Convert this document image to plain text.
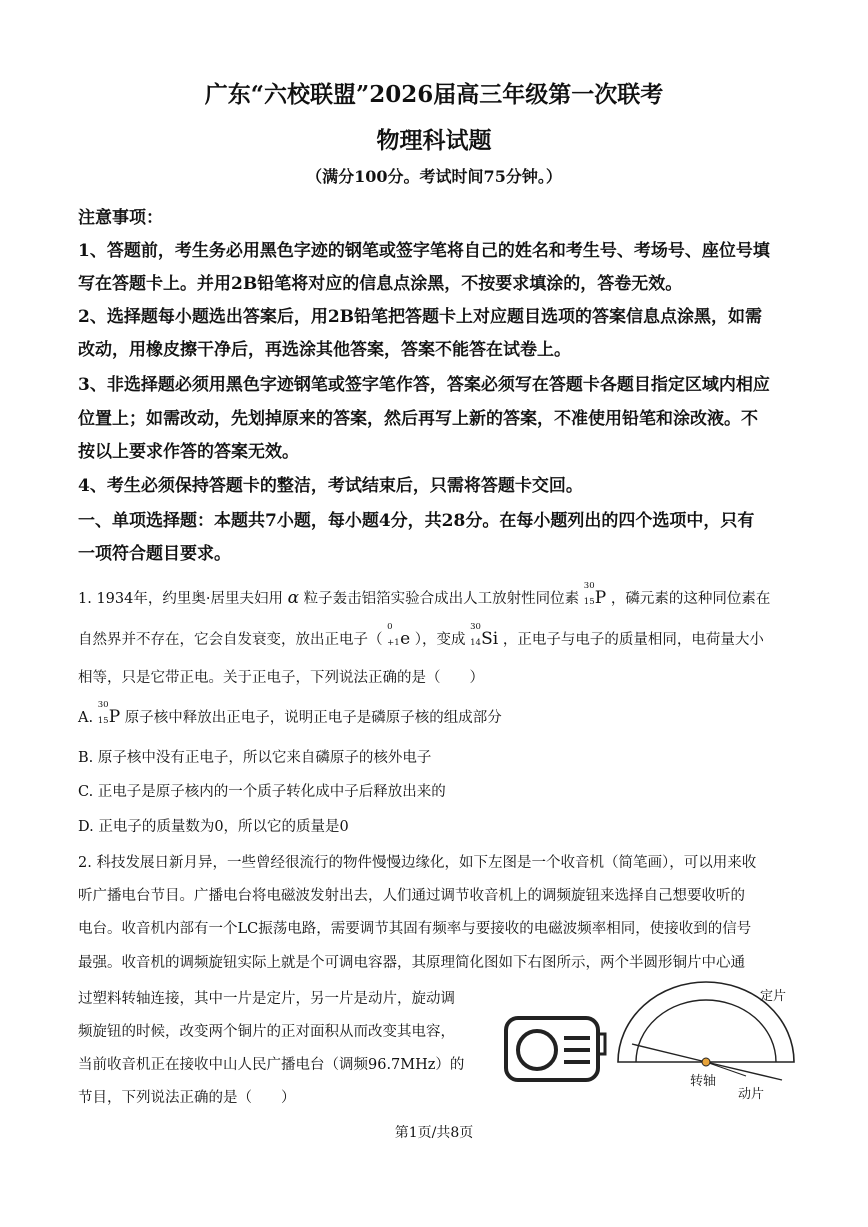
广东“六校联盟”2026届高三年级第一次联考
物理科试题
（满分100分。考试时间75分钟。）
注意事项：
1、答题前，考生务必用黑色字迹的钢笔或签字笔将自己的姓名和考生号、考场号、座位号填
写在答题卡上。并用2B铅笔将对应的信息点涂黑，不按要求填涂的，答卷无效。
2、选择题每小题选出答案后，用2B铅笔把答题卡上对应题目选项的答案信息点涂黑，如需
改动，用橡皮擦干净后，再选涂其他答案，答案不能答在试卷上。
3、非选择题必须用黑色字迹钢笔或签字笔作答，答案必须写在答题卡各题目指定区域内相应
位置上；如需改动，先划掉原来的答案，然后再写上新的答案，不准使用铅笔和涂改液。不
按以上要求作答的答案无效。
4、考生必须保持答题卡的整洁，考试结束后，只需将答题卡交回。
一、单项选择题：本题共7小题，每小题4分，共28分。在每小题列出的四个选项中，只有
一项符合题目要求。
1. 1934年，约里奥·居里夫妇用 α 粒子轰击铝箔实验合成出人工放射性同位素
30
15 P ，磷元素的这种同位素在
自然界并不存在，它会自发衰变，放出正电子（
0
+1 e ），变成
30
14 Si ，正电子与电子的质量相同，电荷量大小
相等，只是它带正电。关于正电子，下列说法正确的是（　　）
A.
30
15 P 原子核中释放出正电子，说明正电子是磷原子核的组成部分
B. 原子核中没有正电子，所以它来自磷原子的核外电子
C. 正电子是原子核内的一个质子转化成中子后释放出来的
D. 正电子的质量数为0，所以它的质量是0
2. 科技发展日新月异，一些曾经很流行的物件慢慢边缘化，如下左图是一个收音机（简笔画），可以用来收
听广播电台节目。广播电台将电磁波发射出去，人们通过调节收音机上的调频旋钮来选择自己想要收听的
电台。收音机内部有一个LC振荡电路，需要调节其固有频率与要接收的电磁波频率相同，使接收到的信号
最强。收音机的调频旋钮实际上就是个可调电容器，其原理简化图如下右图所示，两个半圆形铜片中心通
过塑料转轴连接，其中一片是定片，另一片是动片，旋动调
频旋钮的时候，改变两个铜片的正对面积从而改变其电容，
当前收音机正在接收中山人民广播电台（调频96.7MHz）的
节目，下列说法正确的是（　　）
定片
转轴
动片
第1页/共8页
